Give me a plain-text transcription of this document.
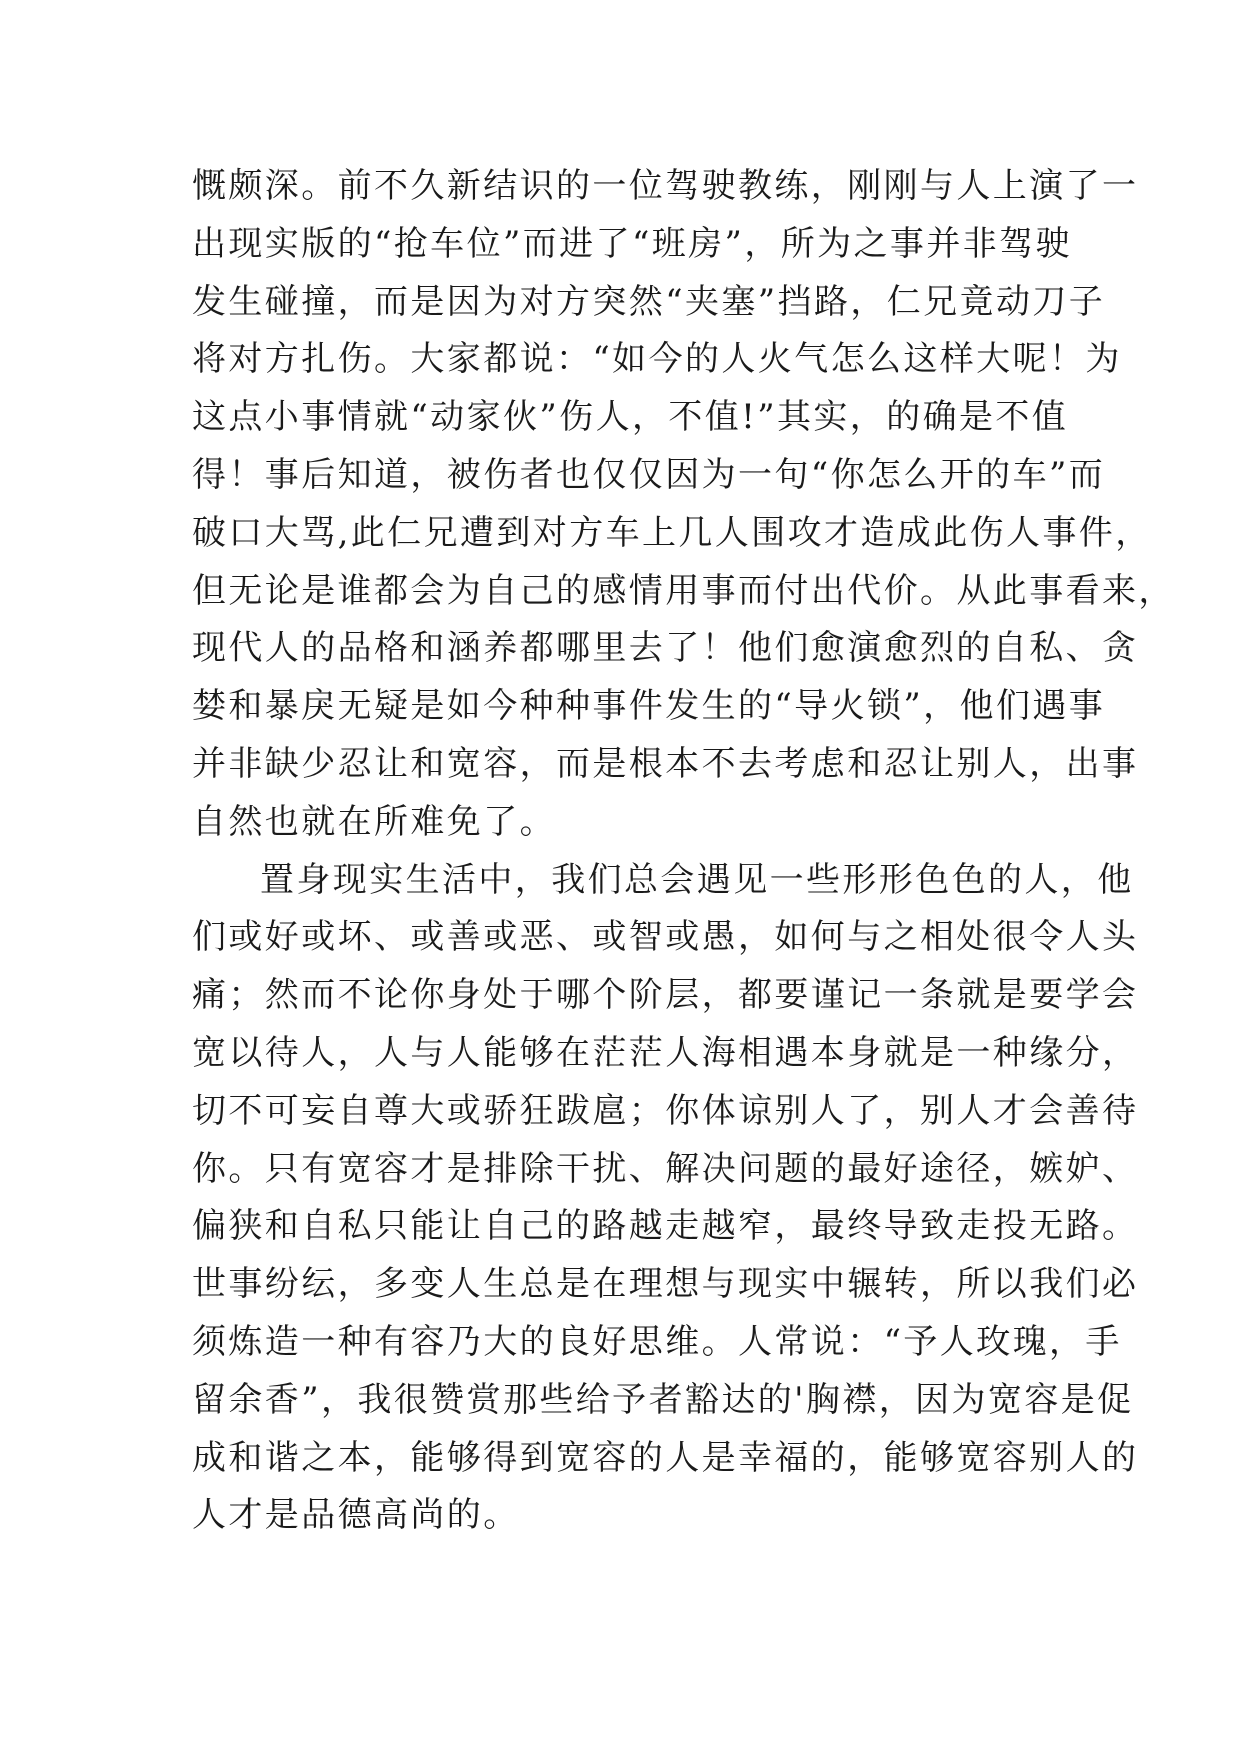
慨颇深。前不久新结识的一位驾驶教练，刚刚与人上演了一
出现实版的“抢车位”而进了“班房”，所为之事并非驾驶
发生碰撞，而是因为对方突然“夹塞”挡路，仁兄竟动刀子
将对方扎伤。大家都说：“如今的人火气怎么这样大呢！为
这点小事情就“动家伙”伤人，不值!”其实，的确是不值
得！事后知道，被伤者也仅仅因为一句“你怎么开的车”而
破口大骂,此仁兄遭到对方车上几人围攻才造成此伤人事件，
但无论是谁都会为自己的感情用事而付出代价。从此事看来，
现代人的品格和涵养都哪里去了！他们愈演愈烈的自私、贪
婪和暴戾无疑是如今种种事件发生的“导火锁”，他们遇事
并非缺少忍让和宽容，而是根本不去考虑和忍让别人，出事
自然也就在所难免了。
置身现实生活中，我们总会遇见一些形形色色的人，他
们或好或坏、或善或恶、或智或愚，如何与之相处很令人头
痛；然而不论你身处于哪个阶层，都要谨记一条就是要学会
宽以待人，人与人能够在茫茫人海相遇本身就是一种缘分，
切不可妄自尊大或骄狂跋扈；你体谅别人了，别人才会善待
你。只有宽容才是排除干扰、解决问题的最好途径，嫉妒、
偏狭和自私只能让自己的路越走越窄，最终导致走投无路。
世事纷纭，多变人生总是在理想与现实中辗转，所以我们必
须炼造一种有容乃大的良好思维。人常说：“予人玫瑰，手
留余香”，我很赞赏那些给予者豁达的'胸襟，因为宽容是促
成和谐之本，能够得到宽容的人是幸福的，能够宽容别人的
人才是品德高尚的。
